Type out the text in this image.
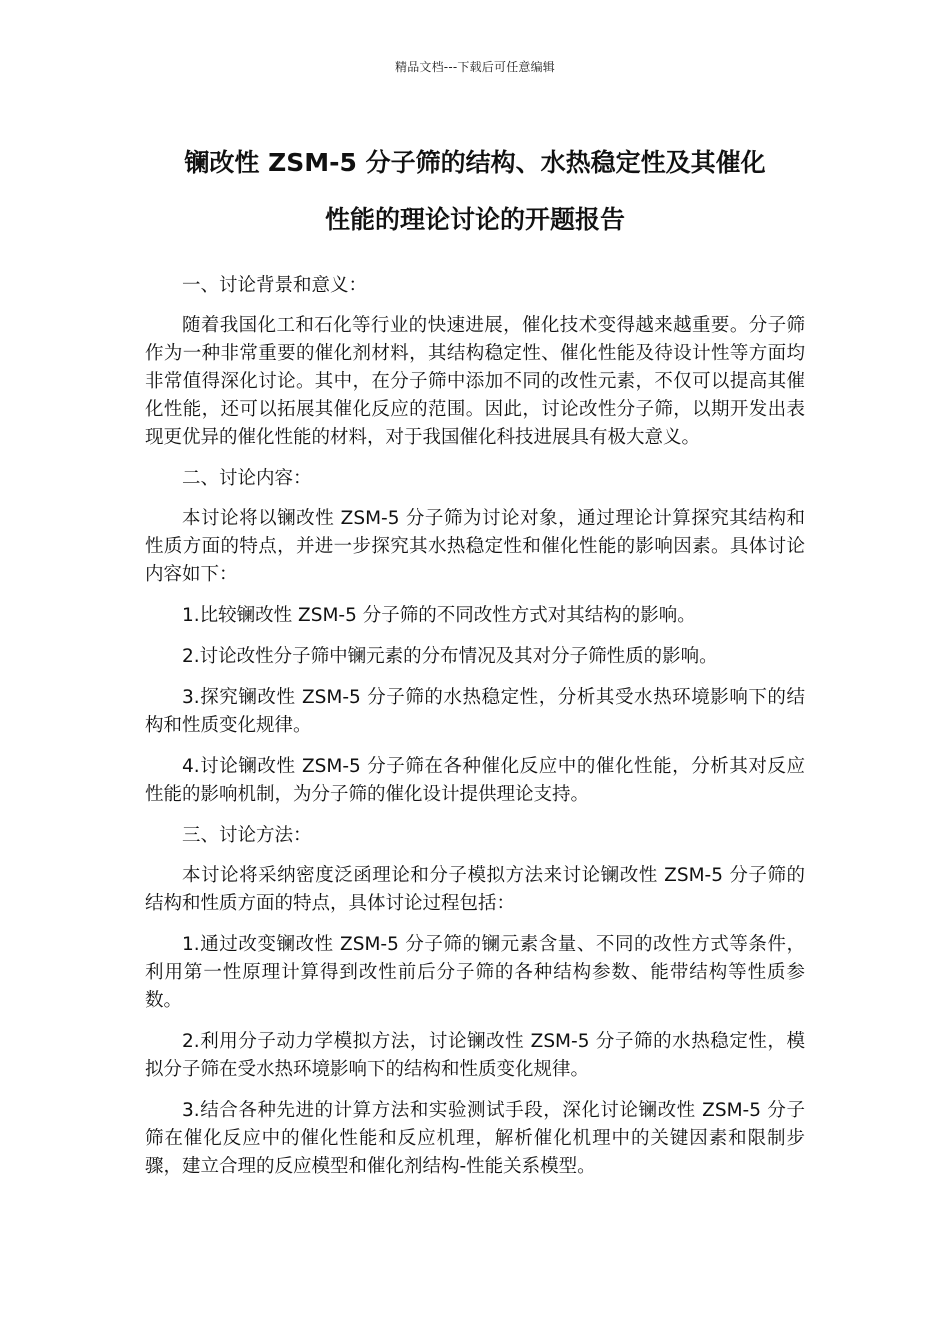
精品文档---下载后可任意编辑
镧改性 ZSM-5 分子筛的结构、水热稳定性及其催化
性能的理论讨论的开题报告

一、讨论背景和意义：

随着我国化工和石化等行业的快速进展，催化技术变得越来越重要。分子筛作为一种非常重要的催化剂材料，其结构稳定性、催化性能及待设计性等方面均非常值得深化讨论。其中，在分子筛中添加不同的改性元素，不仅可以提高其催化性能，还可以拓展其催化反应的范围。因此，讨论改性分子筛，以期开发出表现更优异的催化性能的材料，对于我国催化科技进展具有极大意义。

二、讨论内容：

本讨论将以镧改性 ZSM-5 分子筛为讨论对象，通过理论计算探究其结构和性质方面的特点，并进一步探究其水热稳定性和催化性能的影响因素。具体讨论内容如下：

1.比较镧改性 ZSM-5 分子筛的不同改性方式对其结构的影响。

2.讨论改性分子筛中镧元素的分布情况及其对分子筛性质的影响。

3.探究镧改性 ZSM-5 分子筛的水热稳定性，分析其受水热环境影响下的结构和性质变化规律。

4.讨论镧改性 ZSM-5 分子筛在各种催化反应中的催化性能，分析其对反应性能的影响机制，为分子筛的催化设计提供理论支持。

三、讨论方法：

本讨论将采纳密度泛函理论和分子模拟方法来讨论镧改性 ZSM-5 分子筛的结构和性质方面的特点，具体讨论过程包括：

1.通过改变镧改性 ZSM-5 分子筛的镧元素含量、不同的改性方式等条件，利用第一性原理计算得到改性前后分子筛的各种结构参数、能带结构等性质参数。

2.利用分子动力学模拟方法，讨论镧改性 ZSM-5 分子筛的水热稳定性，模拟分子筛在受水热环境影响下的结构和性质变化规律。

3.结合各种先进的计算方法和实验测试手段，深化讨论镧改性 ZSM-5 分子筛在催化反应中的催化性能和反应机理，解析催化机理中的关键因素和限制步骤，建立合理的反应模型和催化剂结构-性能关系模型。
